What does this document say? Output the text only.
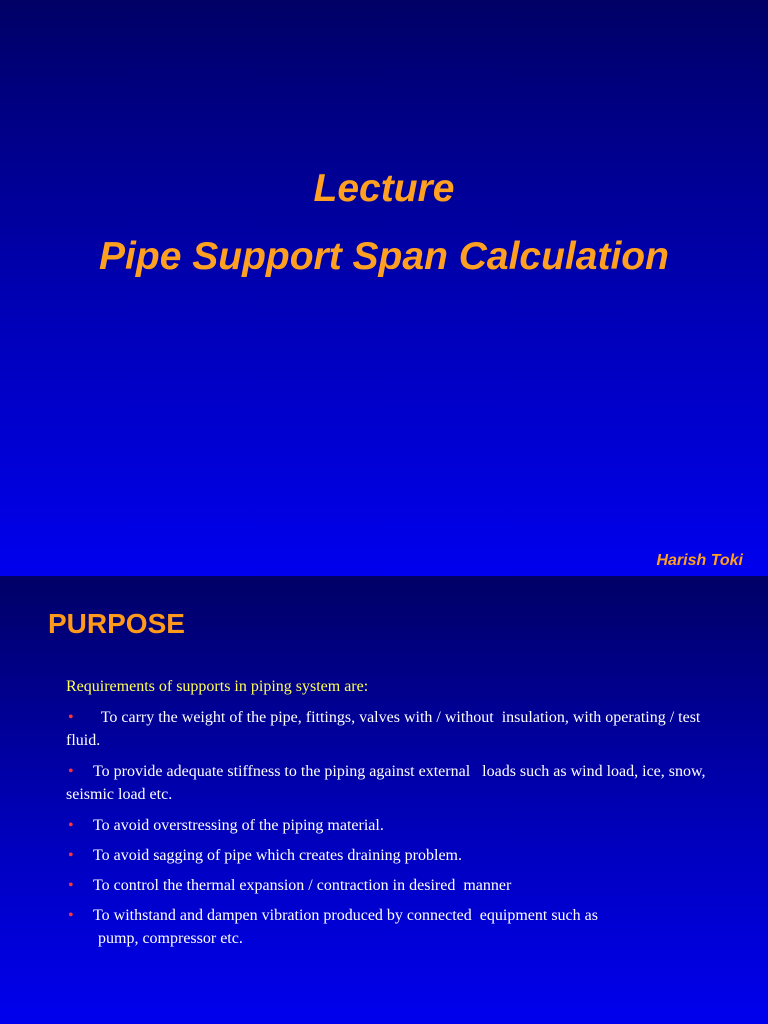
Lecture
Pipe Support Span Calculation
Harish Toki
PURPOSE
Requirements of supports in piping system are:
•  To carry the weight of the pipe, fittings, valves with / without  insulation, with operating / test fluid.
• To provide adequate stiffness to the piping against external   loads such as wind load, ice, snow, seismic load etc.
• To avoid overstressing of the piping material.
• To avoid sagging of pipe which creates draining problem.
• To control the thermal expansion / contraction in desired  manner
• To withstand and dampen vibration produced by connected  equipment such as
pump, compressor etc.
